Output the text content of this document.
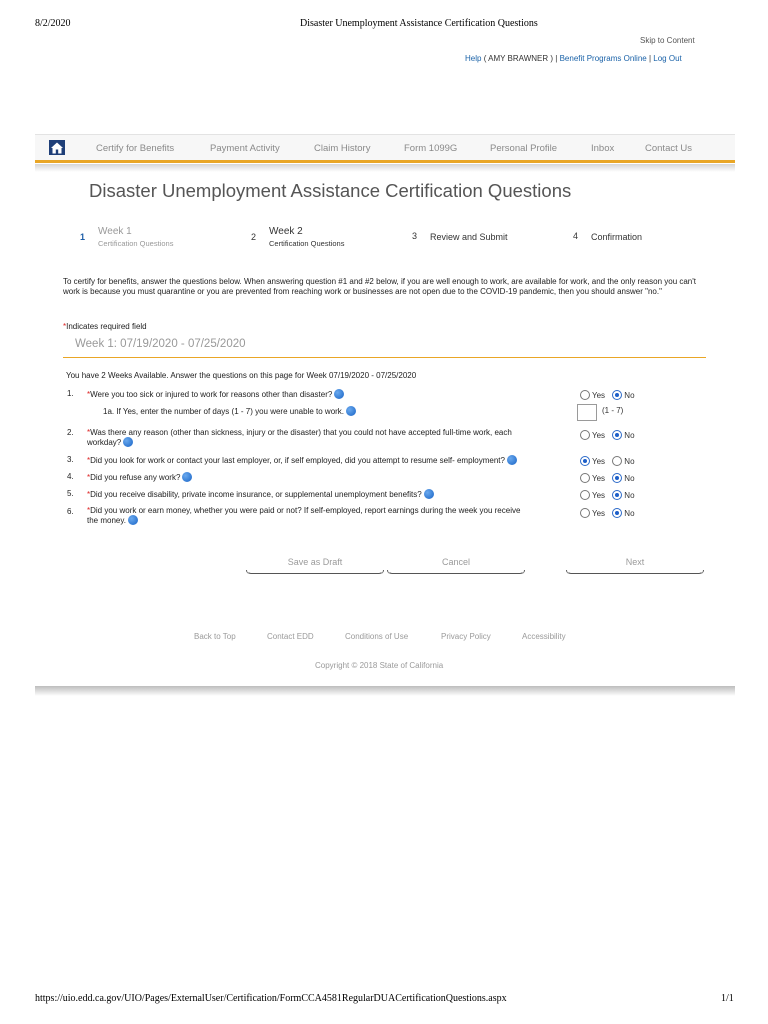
8/2/2020	Disaster Unemployment Assistance Certification Questions
Skip to Content
Help ( AMY BRAWNER ) | Benefit Programs Online | Log Out
Certify for Benefits	Payment Activity	Claim History	Form 1099G	Personal Profile	Inbox	Contact Us
Disaster Unemployment Assistance Certification Questions
1 Week 1
Certification Questions
2 Week 2
Certification Questions
3 Review and Submit	4 Confirmation
To certify for benefits, answer the questions below. When answering question #1 and #2 below, if you are well enough to work, are available for work, and the only reason you can't work is because you must quarantine or you are prevented from reaching work or businesses are not open due to the COVID-19 pandemic, then you should answer "no."
*Indicates required field
Week 1: 07/19/2020 - 07/25/2020
You have 2 Weeks Available. Answer the questions on this page for Week 07/19/2020 - 07/25/2020
1. *Were you too sick or injured to work for reasons other than disaster?	Yes No
1a. If Yes, enter the number of days (1 - 7) you were unable to work.	(1 - 7)
2. *Was there any reason (other than sickness, injury or the disaster) that you could not have accepted full-time work, each
workday?
Yes No
3. *Did you look for work or contact your last employer, or, if self employed, did you attempt to resume self- employment?	Yes No
4. *Did you refuse any work?	Yes No
5. *Did you receive disability, private income insurance, or supplemental unemployment benefits?	Yes No
6. *Did you work or earn money, whether you were paid or not? If self-employed, report earnings during the week you receive
the money.
Yes No
Save as Draft	Cancel	Next
Back to Top	Contact EDD	Conditions of Use	Privacy Policy	Accessibility
Copyright © 2018 State of California
https://uio.edd.ca.gov/UIO/Pages/ExternalUser/Certification/FormCCA4581RegularDUACertificationQuestions.aspx	1/1
